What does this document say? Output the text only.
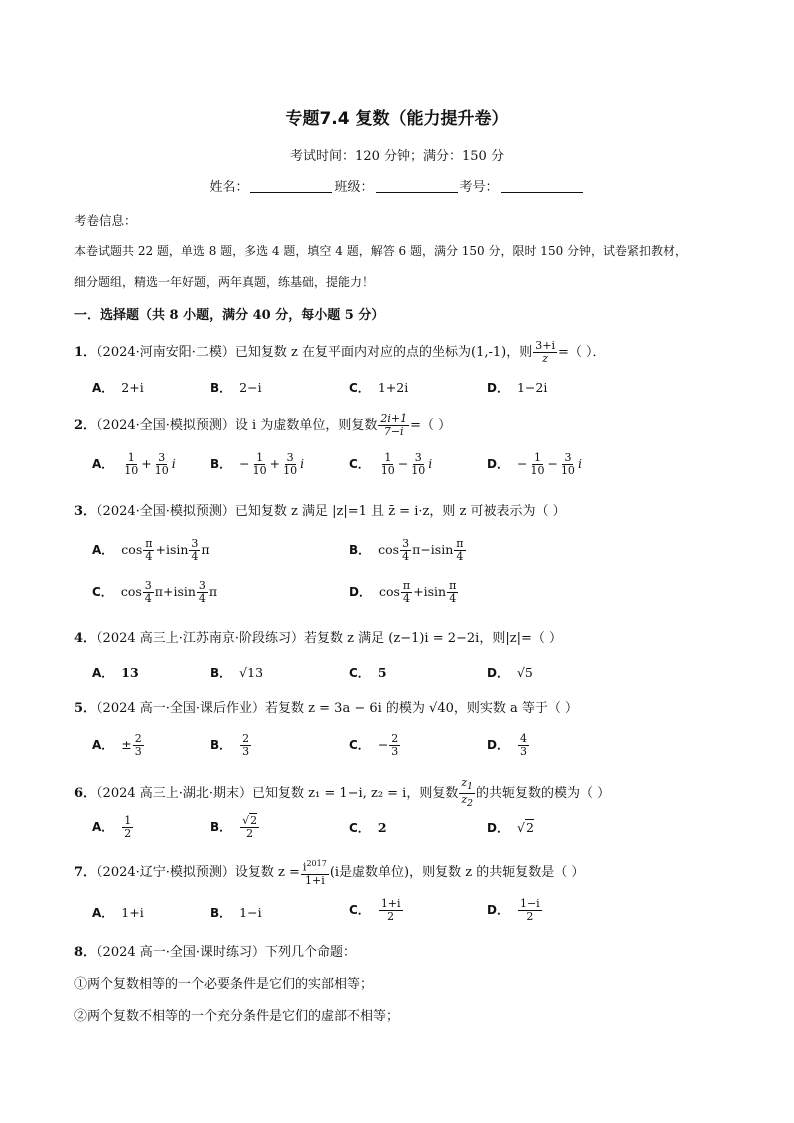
专题7.4 复数（能力提升卷）
考试时间：120 分钟；满分：150 分
姓名：	班级：	考号：
考卷信息：
本卷试题共 22 题，单选 8 题，多选 4 题，填空 4 题，解答 6 题，满分 150 分，限时 150 分钟，试卷紧扣教材，
细分题组，精选一年好题，两年真题，练基础，提能力！
一．选择题（共 8 小题，满分 40 分，每小题 5 分）
1．（2024·河南安阳·二模）已知复数 z 在复平面内对应的点的坐标为(1,-1)，则 $\frac{3+i}{z}$ =（ ）．
A． 2+i	B． 2−i	C． 1+2i	D． 1−2i
2．（2024·全国·模拟预测）设 i 为虚数单位，则复数 $\frac{2i+1}{7-i}$ =（ ）
A． $\frac{1}{10} + \frac{3}{10}$ i	B． − $\frac{1}{10} + \frac{3}{10}$ i	C． $\frac{1}{10} - \frac{3}{10}$ i	D． − $\frac{1}{10} - \frac{3}{10}$ i
3．（2024·全国·模拟预测）已知复数 z 满足 |z|=1 且 z̄ = i·z，则 z 可被表示为（ ）
A． $\cos \frac{\pi}{4} +isin \frac{3}{4}$ π	B． $\cos \frac{3}{4} \pi-isin \frac{\pi}{4}$
C． $\cos \frac{3}{4} \pi+isin \frac{3}{4}$ π	D． $\cos \frac{\pi}{4} +isin \frac{\pi}{4}$
4．（2024 高三上·江苏南京·阶段练习）若复数 z 满足 (z−1)i = 2−2i，则|z|=（ ）
A． 13	B． √13	C． 5	D． √5
5．（2024 高一·全国·课后作业）若复数 z = 3a − 6i 的模为 √40，则实数 a 等于（ ）
A． ± $\frac{2}{3}$	B． $\frac{2}{3}$	C． − $\frac{2}{3}$	D． $\frac{4}{3}$
6．（2024 高三上·湖北·期末）已知复数 z₁ = 1−i, z₂ = i，则复数 $\frac{z_1}{z_2}$ 的共轭复数的模为（ ）
A． $\frac{1}{2}$	B． $\frac{√2}{2}$	C． 2	D． √2
7．（2024·辽宁·模拟预测）设复数 $z = \frac{i^{2017}}{1+i} (i$是虚数单位)，则复数 z 的共轭复数是（ ）
A． 1+i	B． 1−i	C． $\frac{1+i}{2}$	D． $\frac{1-i}{2}$
8．（2024 高一·全国·课时练习）下列几个命题：
①两个复数相等的一个必要条件是它们的实部相等；
②两个复数不相等的一个充分条件是它们的虚部不相等；
